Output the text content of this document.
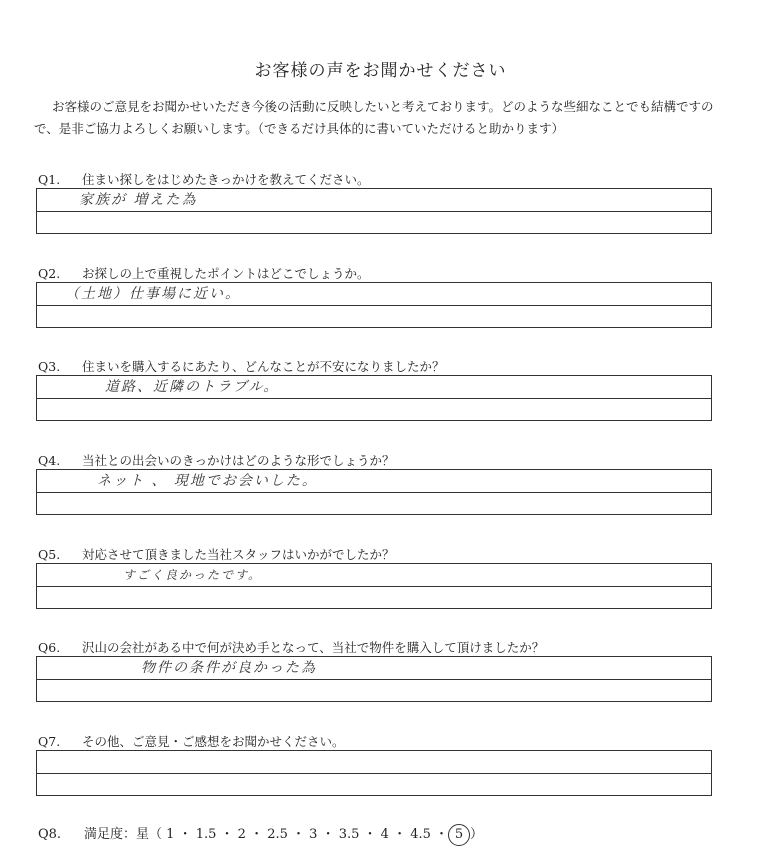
お客様の声をお聞かせください
お客様のご意見をお聞かせいただき今後の活動に反映したいと考えております。どのような些細なことでも結構ですので、是非ご協力よろしくお願いします。（できるだけ具体的に書いていただけると助かります）
Q1. 住まい探しをはじめたきっかけを教えてください。
家族が 増えた為
Q2. お探しの上で重視したポイントはどこでしょうか。
（土地）仕事場に近い。
Q3. 住まいを購入するにあたり、どんなことが不安になりましたか？
道路、近隣のトラブル。
Q4. 当社との出会いのきっかけはどのような形でしょうか？
ネット 、 現地でお会いした。
Q5. 対応させて頂きました当社スタッフはいかがでしたか？
すごく良かったです。
Q6. 沢山の会社がある中で何が決め手となって、当社で物件を購入して頂けましたか？
物件の条件が良かった為
Q7. その他、ご意見・ご感想をお聞かせください。
Q8. 満足度：星（ 1 ・ 1.5 ・ 2 ・ 2.5 ・ 3 ・ 3.5 ・ 4 ・ 4.5 ・ 5 ）
